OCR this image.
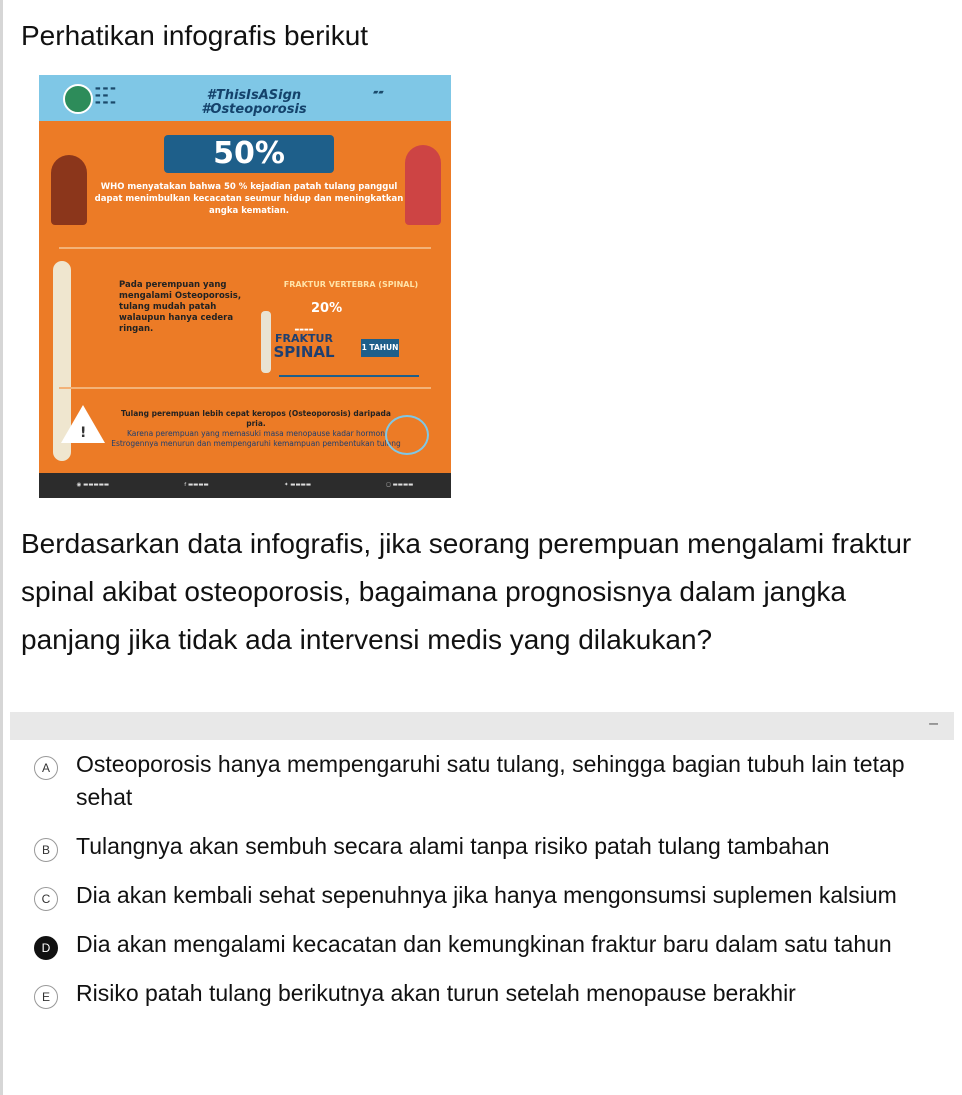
Perhatikan infografis berikut
▬ ▬ ▬
▬ ▬
▬ ▬ ▬	#ThisIsASign
#Osteoporosis
▰▰
50%
WHO menyatakan bahwa 50 % kejadian patah tulang panggul dapat menimbulkan kecacatan seumur hidup dan meningkatkan angka kematian.
Pada perempuan yang mengalami Osteoporosis, tulang mudah patah walaupun hanya cedera ringan.
FRAKTUR VERTEBRA (SPINAL)
20%
▬▬▬▬
FRAKTUR
SPINAL	1 TAHUN
!
Tulang perempuan lebih cepat keropos (Osteoporosis) daripada pria.
Karena perempuan yang memasuki masa menopause kadar hormon Estrogennya menurun dan mempengaruhi kemampuan pembentukan tulang
◉ ▬▬▬▬▬	f ▬▬▬▬	✦ ▬▬▬▬	◻ ▬▬▬▬
Berdasarkan data infografis, jika seorang perempuan mengalami fraktur spinal akibat osteoporosis, bagaimana prognosisnya dalam jangka panjang jika tidak ada intervensi medis yang dilakukan?
–
A	Osteoporosis hanya mempengaruhi satu tulang, sehingga bagian tubuh lain tetap sehat
B	Tulangnya akan sembuh secara alami tanpa risiko patah tulang tambahan
C	Dia akan kembali sehat sepenuhnya jika hanya mengonsumsi suplemen kalsium
D	Dia akan mengalami kecacatan dan kemungkinan fraktur baru dalam satu tahun
E	Risiko patah tulang berikutnya akan turun setelah menopause berakhir
